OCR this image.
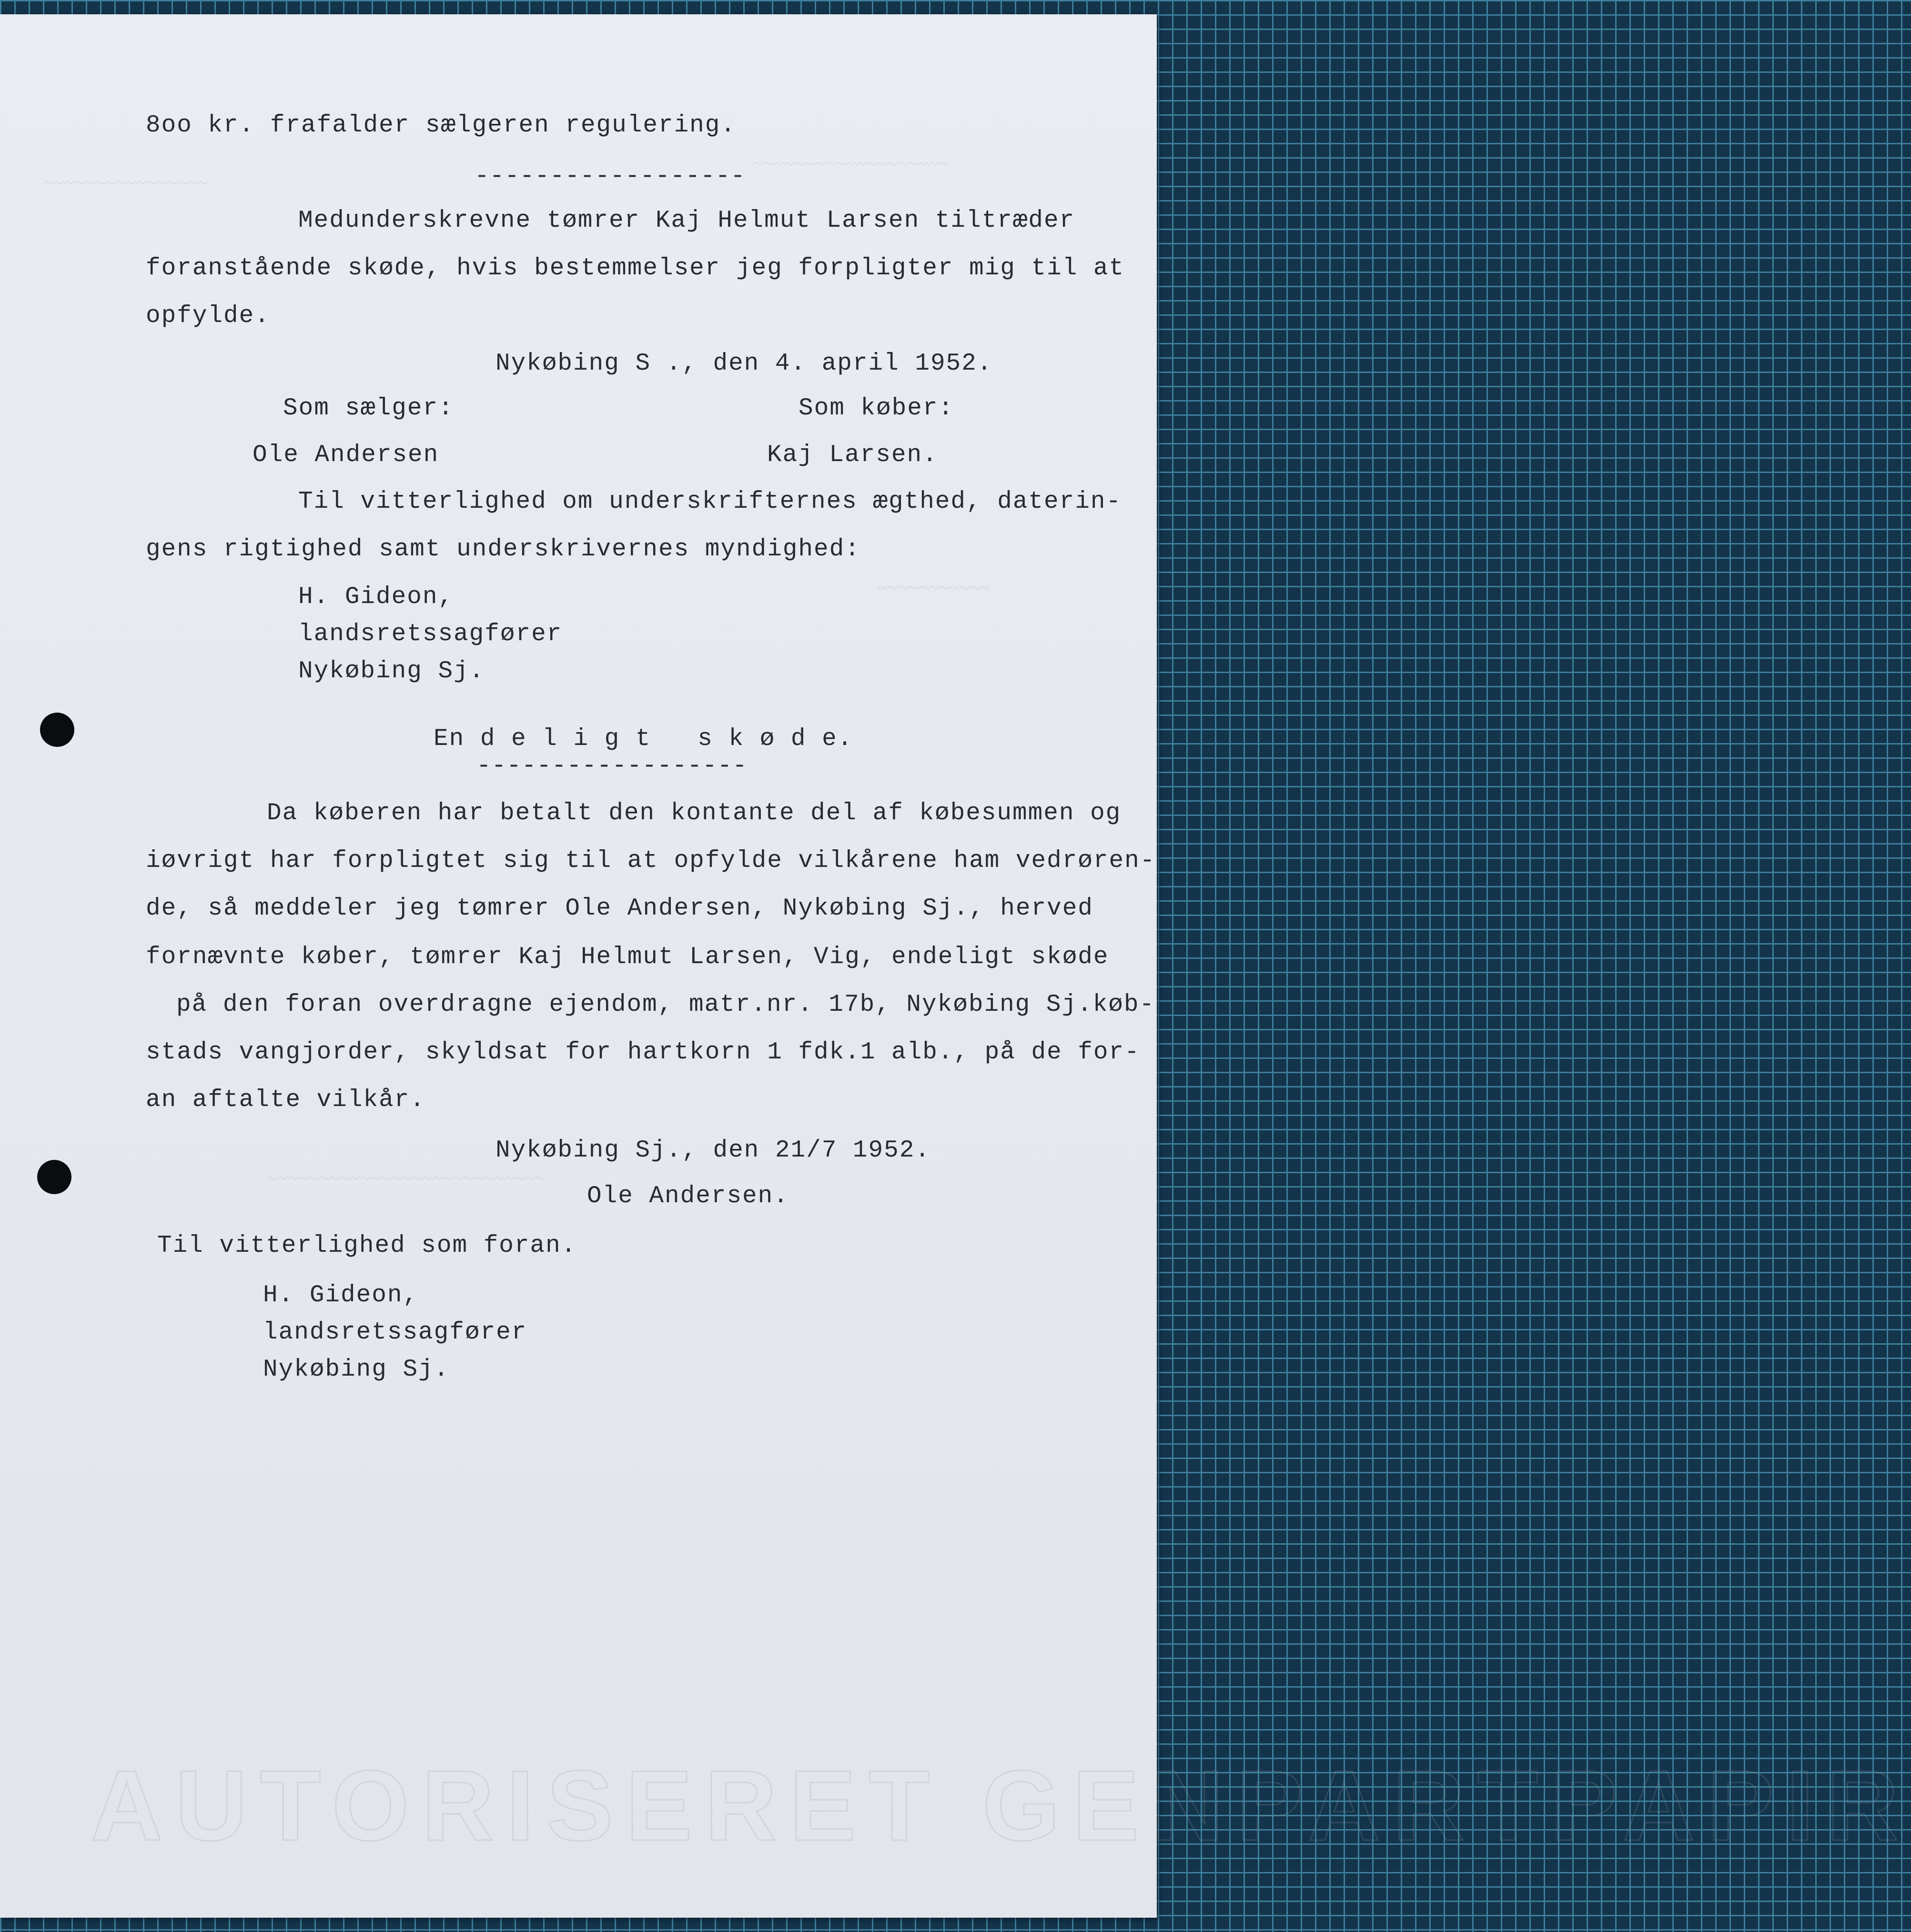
~~~~~~~~~~~~~~~~
~~~~~~~~~~~~~~~~~~~
~~~~~~~~~~~
~~~~~~~~~~~~~~~~~~~~~~~~~~~
AUTORISERET GENPARTPAPIR
8oo kr. frafalder sælgeren regulering.
------------------
Medunderskrevne tømrer Kaj Helmut Larsen tiltræder
foranstående skøde, hvis bestemmelser jeg forpligter mig til at
opfylde.
Nykøbing S ., den 4. april 1952.
Som sælger:	Som køber:
Ole Andersen	Kaj Larsen.
Til vitterlighed om underskrifternes ægthed, daterin-
gens rigtighed samt underskrivernes myndighed:
H. Gideon,
landsretssagfører
Nykøbing Sj.
En d e l i g t   s k ø d e.
------------------
Da køberen har betalt den kontante del af købesummen og
iøvrigt har forpligtet sig til at opfylde vilkårene ham vedrøren-
de, så meddeler jeg tømrer Ole Andersen, Nykøbing Sj., herved
fornævnte køber, tømrer Kaj Helmut Larsen, Vig, endeligt skøde
på den foran overdragne ejendom, matr.nr. 17b, Nykøbing Sj.køb-
stads vangjorder, skyldsat for hartkorn 1 fdk.1 alb., på de for-
an aftalte vilkår.
Nykøbing Sj., den 21/7 1952.
Ole Andersen.
Til vitterlighed som foran.
H. Gideon,
landsretssagfører
Nykøbing Sj.
